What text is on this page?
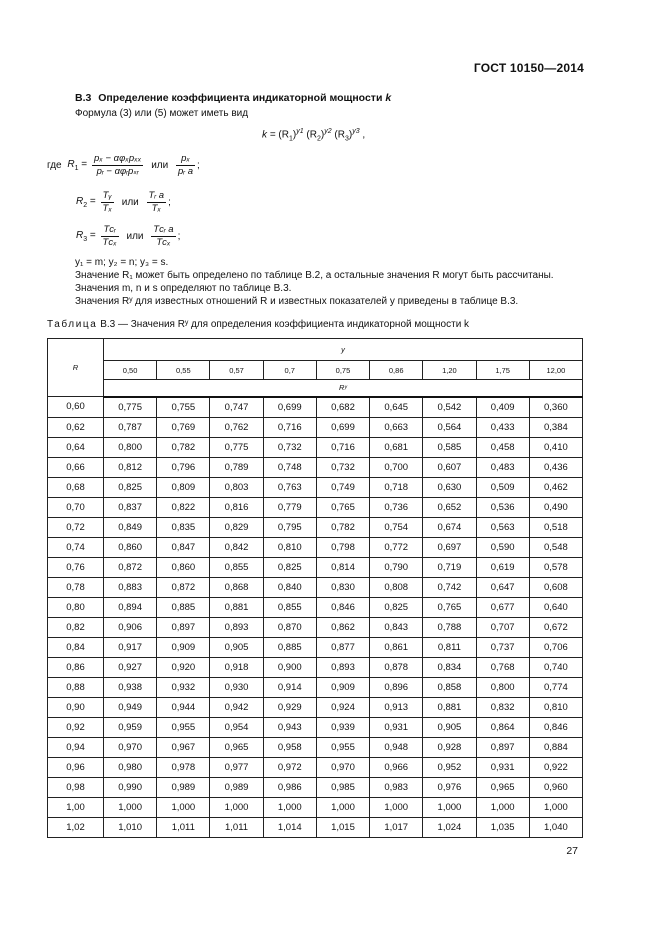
ГОСТ 10150—2014
В.3 Определение коэффициента индикаторной мощности k
Формула (3) или (5) может иметь вид
$k = (R_1)^{y1}$ $(R_2)^{y2}$ $(R_3)^{y3}$ ,
где $R_1 = \frac{\text{pₓ − αφₓpₓₓ}}{\text{pᵣ − αφᵣpₛᵣ}}$ или $\frac{\text{pₓ}}{\text{pᵣ a}}$ ;
$R_2 = \frac{\text{Tᵧ}}{\text{Tₓ}}$ или $\frac{\text{Tᵣ a}}{\text{Tₓ}}$ ;
$R_3 = \frac{\text{Tᴄᵣ}}{\text{Tᴄₓ}}$ или $\frac{\text{Tᴄᵣ a}}{\text{Tᴄₓ}}$ ;
y₁ = m; y₂ = n; y₃ = s.
Значение R₁ может быть определено по таблице В.2, а остальные значения R могут быть рассчитаны.
Значения m, n и s определяют по таблице В.3.
Значения Rʸ для известных отношений R и известных показателей y приведены в таблице В.3.
Таблица В.3 — Значения Rʸ для определения коэффициента индикаторной мощности k
R	y								
	0,50	0,55	0,57	0,7	0,75	0,86	1,20	1,75	12,00
	Rʸ								
0,60	0,775	0,755	0,747	0,699	0,682	0,645	0,542	0,409	0,360
0,62	0,787	0,769	0,762	0,716	0,699	0,663	0,564	0,433	0,384
0,64	0,800	0,782	0,775	0,732	0,716	0,681	0,585	0,458	0,410
0,66	0,812	0,796	0,789	0,748	0,732	0,700	0,607	0,483	0,436
0,68	0,825	0,809	0,803	0,763	0,749	0,718	0,630	0,509	0,462
0,70	0,837	0,822	0,816	0,779	0,765	0,736	0,652	0,536	0,490
0,72	0,849	0,835	0,829	0,795	0,782	0,754	0,674	0,563	0,518
0,74	0,860	0,847	0,842	0,810	0,798	0,772	0,697	0,590	0,548
0,76	0,872	0,860	0,855	0,825	0,814	0,790	0,719	0,619	0,578
0,78	0,883	0,872	0,868	0,840	0,830	0,808	0,742	0,647	0,608
0,80	0,894	0,885	0,881	0,855	0,846	0,825	0,765	0,677	0,640
0,82	0,906	0,897	0,893	0,870	0,862	0,843	0,788	0,707	0,672
0,84	0,917	0,909	0,905	0,885	0,877	0,861	0,811	0,737	0,706
0,86	0,927	0,920	0,918	0,900	0,893	0,878	0,834	0,768	0,740
0,88	0,938	0,932	0,930	0,914	0,909	0,896	0,858	0,800	0,774
0,90	0,949	0,944	0,942	0,929	0,924	0,913	0,881	0,832	0,810
0,92	0,959	0,955	0,954	0,943	0,939	0,931	0,905	0,864	0,846
0,94	0,970	0,967	0,965	0,958	0,955	0,948	0,928	0,897	0,884
0,96	0,980	0,978	0,977	0,972	0,970	0,966	0,952	0,931	0,922
0,98	0,990	0,989	0,989	0,986	0,985	0,983	0,976	0,965	0,960
1,00	1,000	1,000	1,000	1,000	1,000	1,000	1,000	1,000	1,000
1,02	1,010	1,011	1,011	1,014	1,015	1,017	1,024	1,035	1,040
27
